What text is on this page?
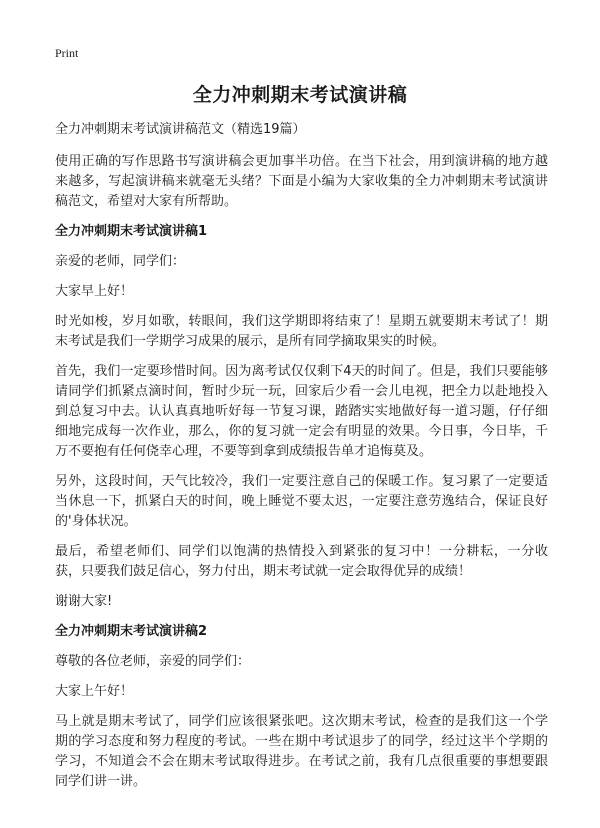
Print
全力冲刺期末考试演讲稿

全力冲刺期末考试演讲稿范文（精选19篇）

使用正确的写作思路书写演讲稿会更加事半功倍。在当下社会，用到演讲稿的地方越来越多，写起演讲稿来就毫无头绪？下面是小编为大家收集的全力冲刺期末考试演讲稿范文，希望对大家有所帮助。

全力冲刺期末考试演讲稿1

亲爱的老师，同学们：

大家早上好！

时光如梭，岁月如歌，转眼间，我们这学期即将结束了！星期五就要期末考试了！期末考试是我们一学期学习成果的展示，是所有同学摘取果实的时候。

首先，我们一定要珍惜时间。因为离考试仅仅剩下4天的时间了。但是，我们只要能够请同学们抓紧点滴时间，暂时少玩一玩，回家后少看一会儿电视，把全力以赴地投入到总复习中去。认认真真地听好每一节复习课，踏踏实实地做好每一道习题，仔仔细细地完成每一次作业，那么，你的复习就一定会有明显的效果。今日事，今日毕，千万不要抱有任何侥幸心理，不要等到拿到成绩报告单才追悔莫及。

另外，这段时间，天气比较冷，我们一定要注意自己的保暖工作。复习累了一定要适当休息一下，抓紧白天的时间，晚上睡觉不要太迟，一定要注意劳逸结合，保证良好的'身体状况。

最后，希望老师们、同学们以饱满的热情投入到紧张的复习中！一分耕耘，一分收获，只要我们鼓足信心，努力付出，期末考试就一定会取得优异的成绩！

谢谢大家!

全力冲刺期末考试演讲稿2

尊敬的各位老师，亲爱的同学们：

大家上午好！

马上就是期末考试了，同学们应该很紧张吧。这次期末考试，检查的是我们这一个学期的学习态度和努力程度的考试。一些在期中考试退步了的同学，经过这半个学期的学习，不知道会不会在期末考试取得进步。在考试之前，我有几点很重要的事想要跟同学们讲一讲。
